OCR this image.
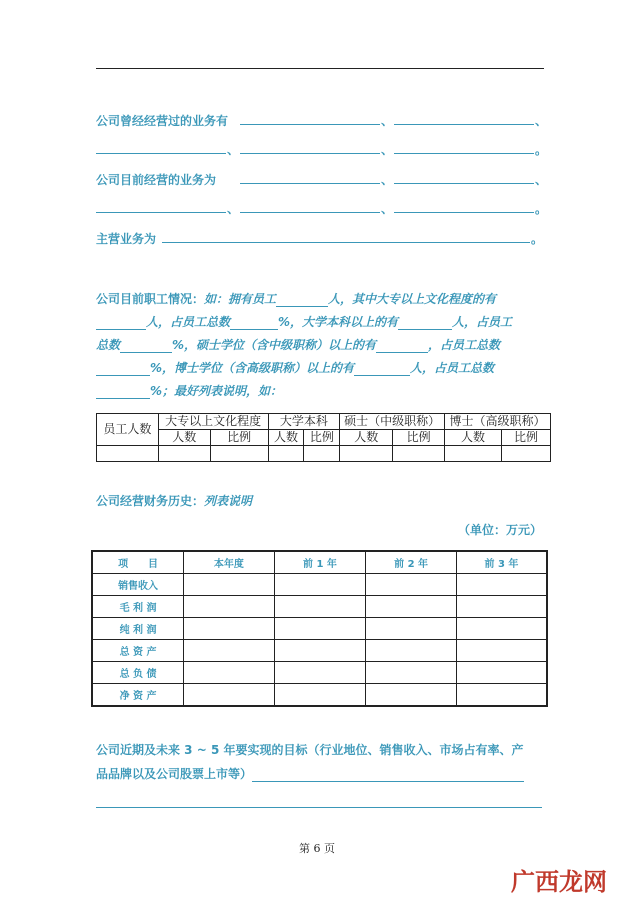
公司曾经经营过的业务有	、	、
、	、	。
公司目前经营的业务为	、	、
、	、	。
主营业务为	。
公司目前职工情况：如：拥有员工	人，其中大专以上文化程度的有
人，占员工总数	%，大学本科以上的有	人，占员工
总数	%，硕士学位（含中级职称）以上的有	，占员工总数
%，博士学位（含高级职称）以上的有	人，占员工总数
%；最好列表说明，如：
员工人数	大专以上文化程度		大学本科		硕士（中级职称）		博士（高级职称）	
	人数	比例	人数	比例	人数	比例	人数	比例

公司经营财务历史：列表说明
（单位：万元）
项　　目	本年度	前 1 年	前 2 年	前 3 年
销售收入				
毛 利 润				
纯 利 润				
总 资 产				
总 负 债				
净 资 产				
公司近期及未来 3 ~ 5 年要实现的目标（行业地位、销售收入、市场占有率、产
品品牌以及公司股票上市等）
第 6 页
广西龙网
